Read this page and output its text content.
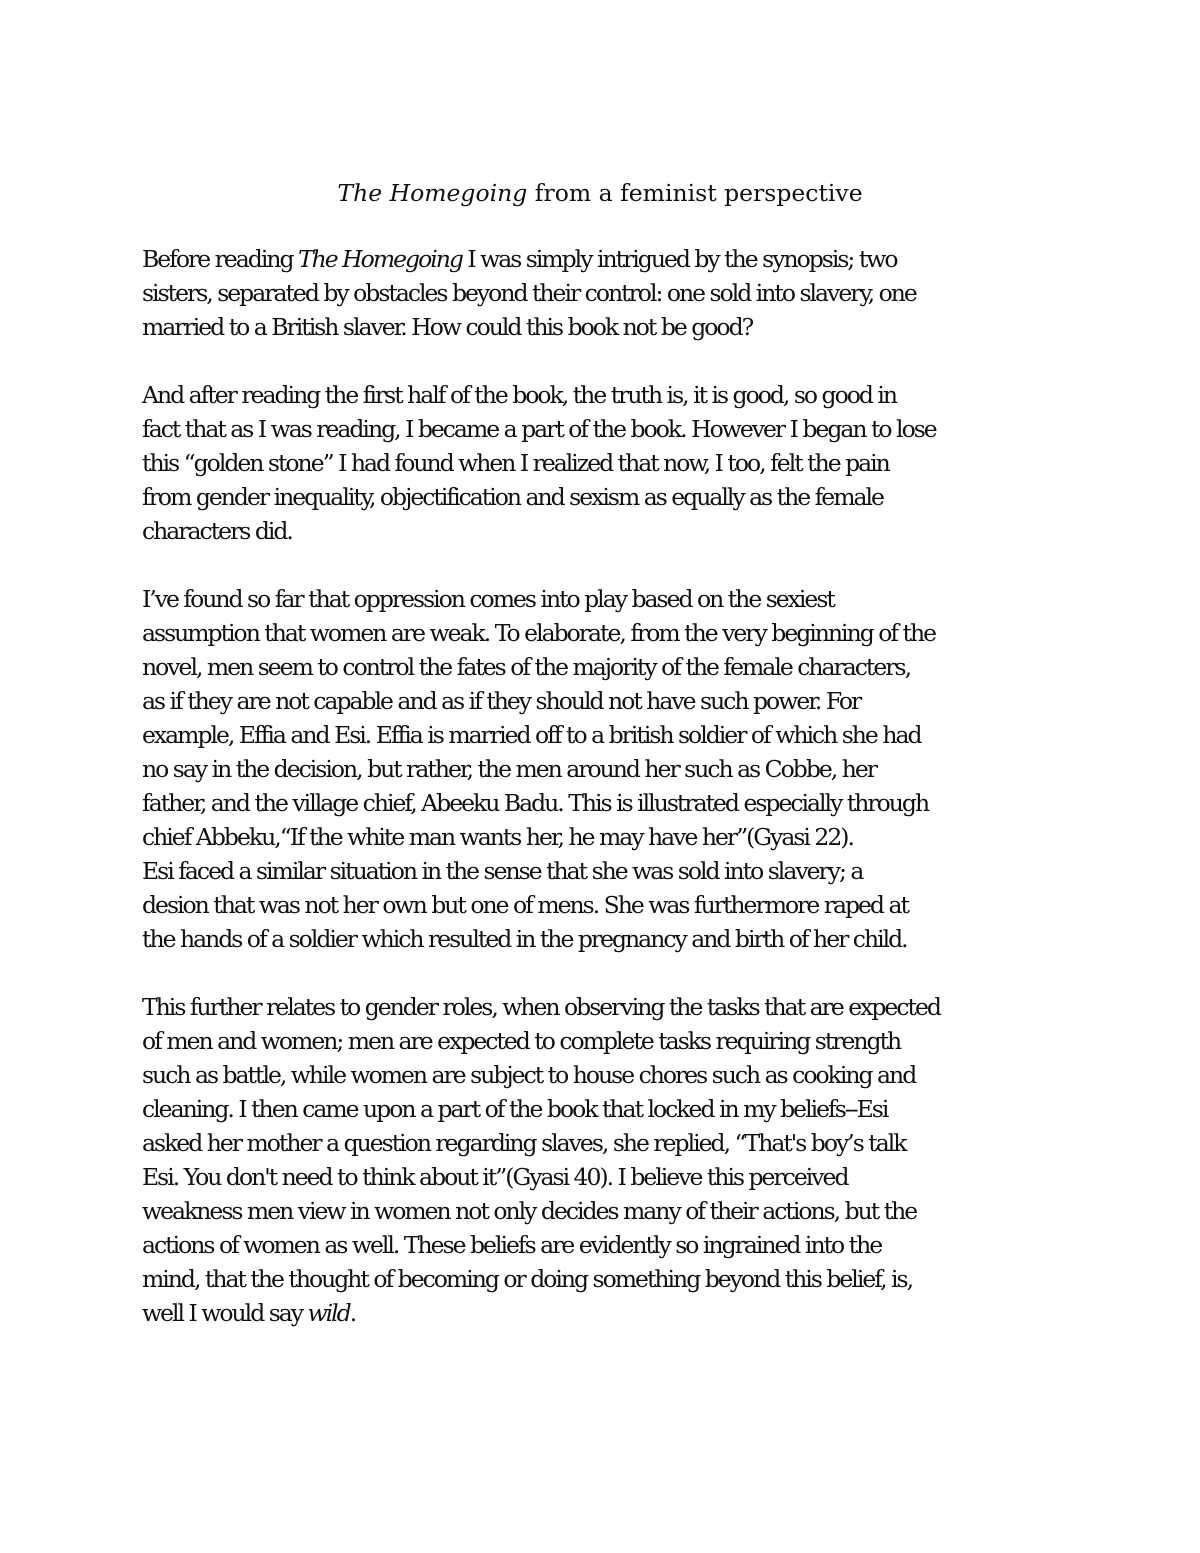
The Homegoing from a feminist perspective
Before reading The Homegoing I was simply intrigued by the synopsis; two
sisters, separated by obstacles beyond their control: one sold into slavery, one
married to a British slaver. How could this book not be good?
And after reading the first half of the book, the truth is, it is good, so good in
fact that as I was reading, I became a part of the book. However I began to lose
this “golden stone” I had found when I realized that now, I too, felt the pain
from gender inequality, objectification and sexism as equally as the female
characters did.
I’ve found so far that oppression comes into play based on the sexiest
assumption that women are weak. To elaborate, from the very beginning of the
novel, men seem to control the fates of the majority of the female characters,
as if they are not capable and as if they should not have such power. For
example, Effia and Esi. Effia is married off to a british soldier of which she had
no say in the decision, but rather, the men around her such as Cobbe, her
father, and the village chief, Abeeku Badu. This is illustrated especially through
chief Abbeku,“If the white man wants her, he may have her”(Gyasi 22).
Esi faced a similar situation in the sense that she was sold into slavery; a
desion that was not her own but one of mens. She was furthermore raped at
the hands of a soldier which resulted in the pregnancy and birth of her child.
This further relates to gender roles, when observing the tasks that are expected
of men and women; men are expected to complete tasks requiring strength
such as battle, while women are subject to house chores such as cooking and
cleaning. I then came upon a part of the book that locked in my beliefs--Esi
asked her mother a question regarding slaves, she replied, “That's boy’s talk
Esi. You don't need to think about it”(Gyasi 40). I believe this perceived
weakness men view in women not only decides many of their actions, but the
actions of women as well. These beliefs are evidently so ingrained into the
mind, that the thought of becoming or doing something beyond this belief, is,
well I would say wild.
